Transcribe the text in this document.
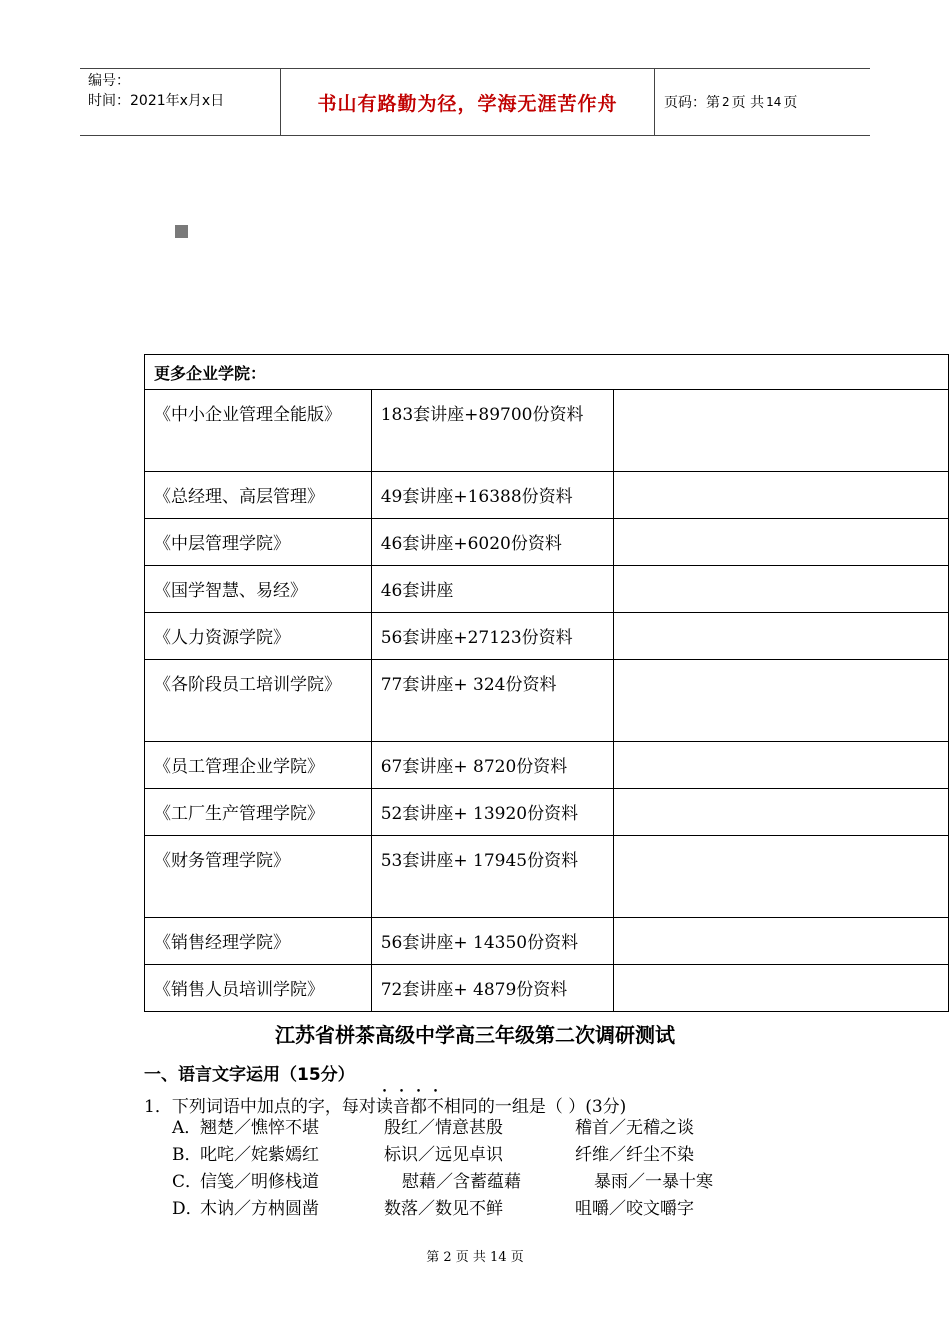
编号：
时间：2021年x月x日	书山有路勤为径，学海无涯苦作舟	页码：第 2 页 共 14 页
更多企业学院：		
《中小企业管理全能版》	183套讲座+89700份资料	
《总经理、高层管理》	49套讲座+16388份资料	
《中层管理学院》	46套讲座+6020份资料	
《国学智慧、易经》	46套讲座	
《人力资源学院》	56套讲座+27123份资料	
《各阶段员工培训学院》	77套讲座+ 324份资料	
《员工管理企业学院》	67套讲座+ 8720份资料	
《工厂生产管理学院》	52套讲座+ 13920份资料	
《财务管理学院》	53套讲座+ 17945份资料	
《销售经理学院》	56套讲座+ 14350份资料	
《销售人员培训学院》	72套讲座+ 4879份资料	
江苏省栟茶高级中学高三年级第二次调研测试
一、语言文字运用（15分）
1．下列词语中加点的字，每对读音都不相同的一组是（ ）(3分)
A．
翘楚／憔悴不堪	殷红／情意甚殷	稽首／无稽之谈
B．
叱咤／姹紫嫣红	标识／远见卓识	纤维／纤尘不染
C．
信笺／明修栈道	慰藉／含蓄蕴藉	暴雨／一暴十寒
D．
木讷／方枘圆凿	数落／数见不鲜	咀嚼／咬文嚼字
第 2 页 共 14 页
